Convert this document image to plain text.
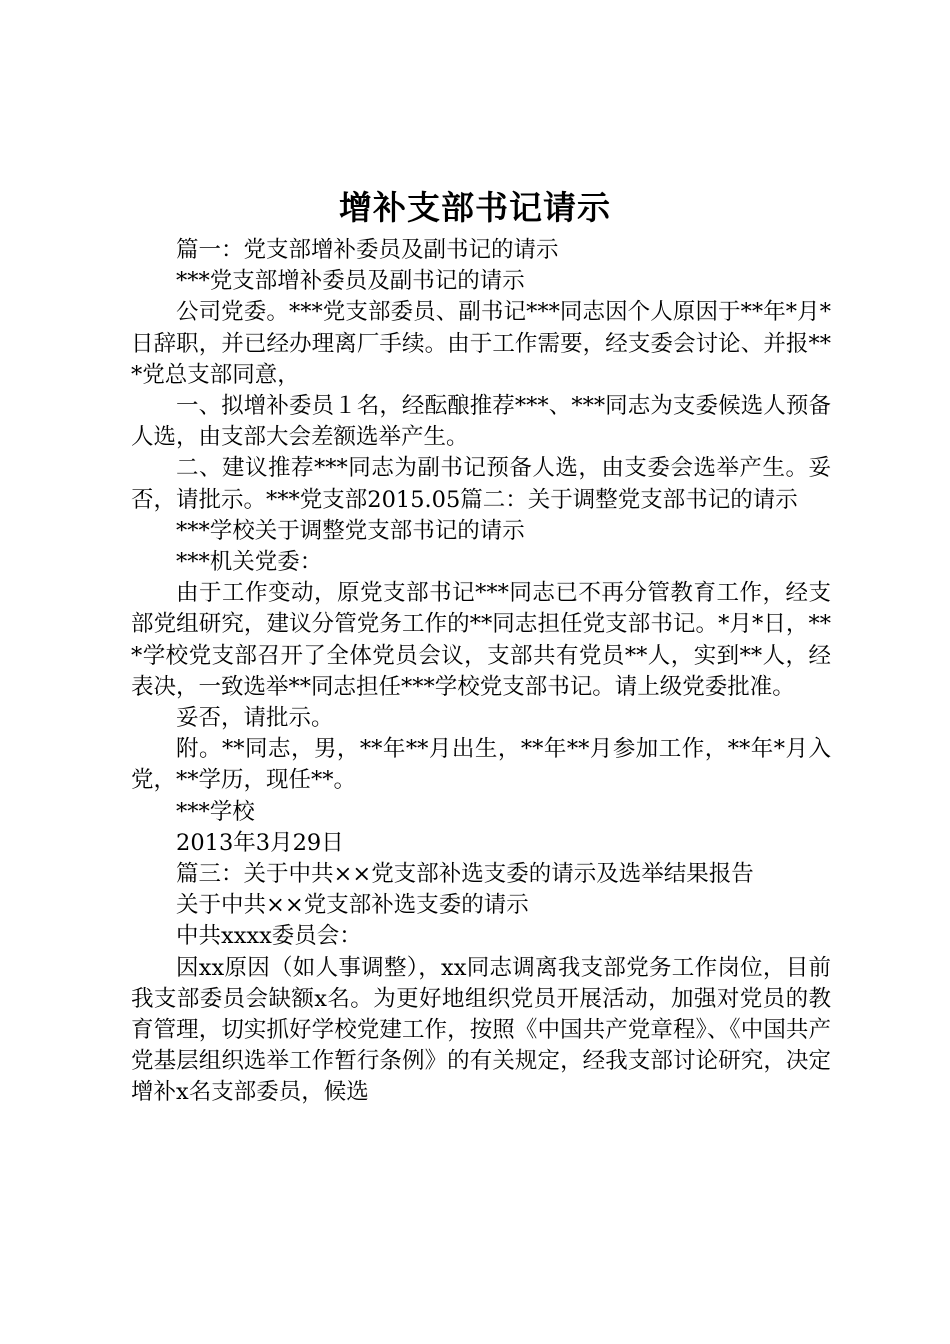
增补支部书记请示

篇一：党支部增补委员及副书记的请示

***党支部增补委员及副书记的请示

公司党委。***党支部委员、副书记***同志因个人原因于**年*月*日辞职，并已经办理离厂手续。由于工作需要，经支委会讨论、并报***党总支部同意，

一、拟增补委员１名，经酝酿推荐***、***同志为支委候选人预备人选，由支部大会差额选举产生。

二、建议推荐***同志为副书记预备人选，由支委会选举产生。妥否，请批示。***党支部2015.05篇二：关于调整党支部书记的请示

***学校关于调整党支部书记的请示

***机关党委：

由于工作变动，原党支部书记***同志已不再分管教育工作，经支部党组研究，建议分管党务工作的**同志担任党支部书记。*月*日，***学校党支部召开了全体党员会议，支部共有党员**人，实到**人，经表决，一致选举**同志担任***学校党支部书记。请上级党委批准。

妥否，请批示。

附。**同志，男，**年**月出生，**年**月参加工作，**年*月入党，**学历，现任**。

***学校

2013年3月29日

篇三：关于中共××党支部补选支委的请示及选举结果报告

关于中共××党支部补选支委的请示

中共xxxx委员会：

因xx原因（如人事调整），xx同志调离我支部党务工作岗位，目前我支部委员会缺额x名。为更好地组织党员开展活动，加强对党员的教育管理，切实抓好学校党建工作，按照《中国共产党章程》、《中国共产党基层组织选举工作暂行条例》的有关规定，经我支部讨论研究，决定增补x名支部委员，候选
